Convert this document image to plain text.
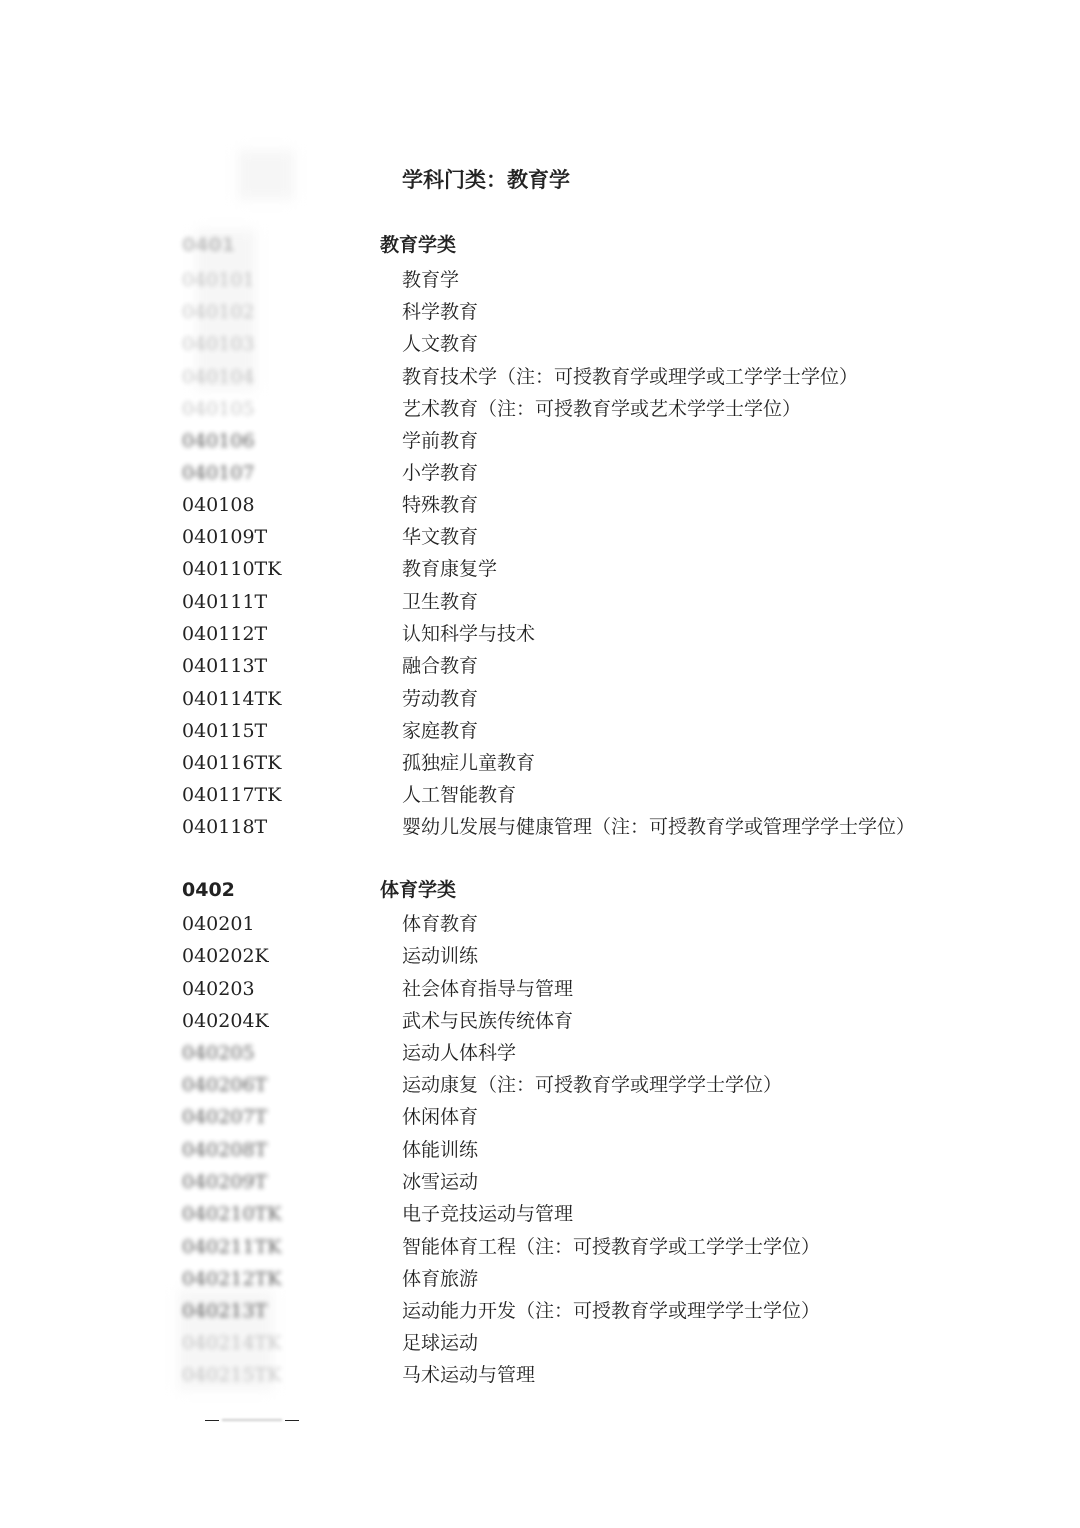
学科门类：教育学
0401	教育学类
040101	教育学
040102	科学教育
040103	人文教育
040104	教育技术学（注：可授教育学或理学或工学学士学位）
040105	艺术教育（注：可授教育学或艺术学学士学位）
040106	学前教育
040107	小学教育
040108	特殊教育
040109T	华文教育
040110TK	教育康复学
040111T	卫生教育
040112T	认知科学与技术
040113T	融合教育
040114TK	劳动教育
040115T	家庭教育
040116TK	孤独症儿童教育
040117TK	人工智能教育
040118T	婴幼儿发展与健康管理（注：可授教育学或管理学学士学位）
0402	体育学类
040201	体育教育
040202K	运动训练
040203	社会体育指导与管理
040204K	武术与民族传统体育
040205	运动人体科学
040206T	运动康复（注：可授教育学或理学学士学位）
040207T	休闲体育
040208T	体能训练
040209T	冰雪运动
040210TK	电子竞技运动与管理
040211TK	智能体育工程（注：可授教育学或工学学士学位）
040212TK	体育旅游
040213T	运动能力开发（注：可授教育学或理学学士学位）
040214TK	足球运动
040215TK	马术运动与管理
